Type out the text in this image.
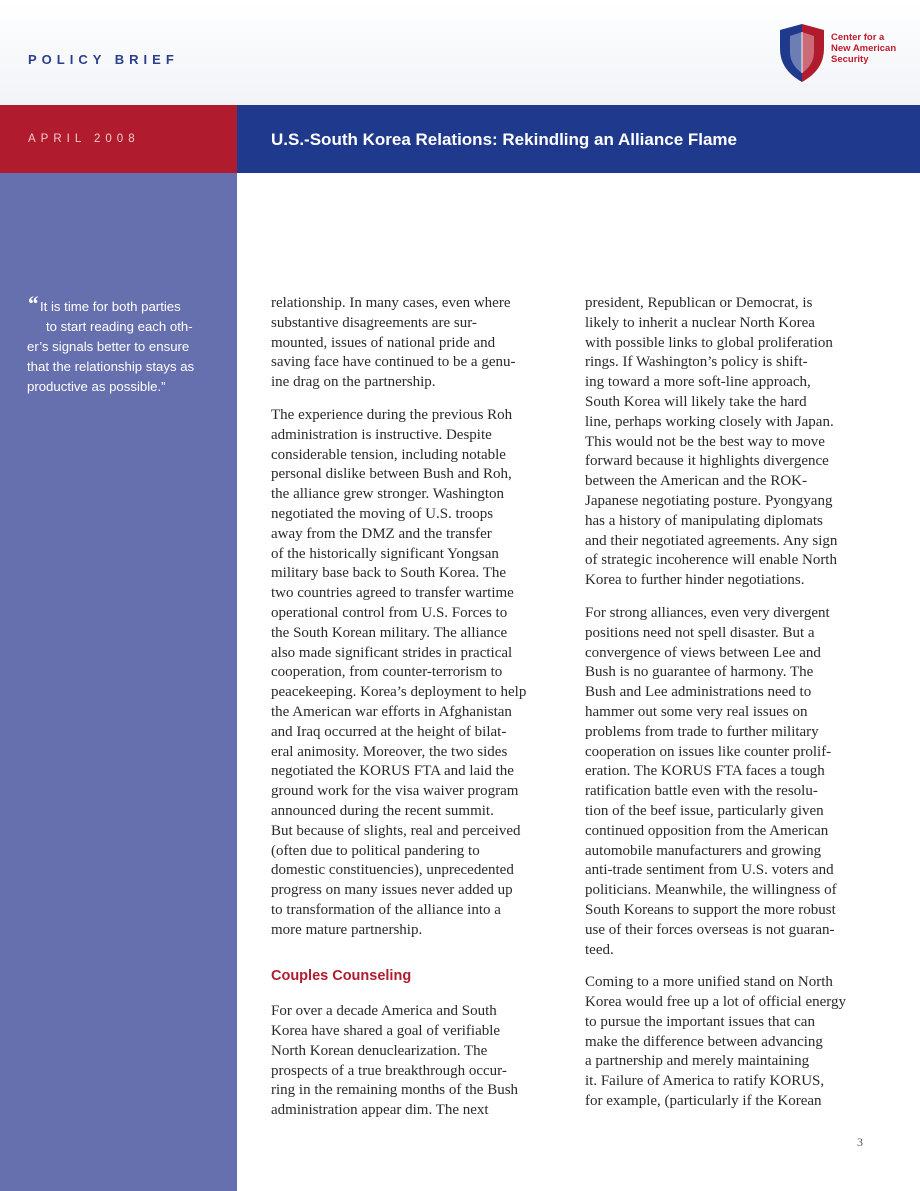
POLICY BRIEF
Center for a
New American
Security
APRIL 2008	U.S.-South Korea Relations: Rekindling an Alliance Flame
“ It is time for both parties
to start reading each oth-
er’s signals better to ensure
that the relationship stays as
productive as possible.”

relationship. In many cases, even where
substantive disagreements are sur-
mounted, issues of national pride and
saving face have continued to be a genu-
ine drag on the partnership.

The experience during the previous Roh
administration is instructive. Despite
considerable tension, including notable
personal dislike between Bush and Roh,
the alliance grew stronger. Washington
negotiated the moving of U.S. troops
away from the DMZ and the transfer
of the historically significant Yongsan
military base back to South Korea. The
two countries agreed to transfer wartime
operational control from U.S. Forces to
the South Korean military. The alliance
also made significant strides in practical
cooperation, from counter-terrorism to
peacekeeping. Korea’s deployment to help
the American war efforts in Afghanistan
and Iraq occurred at the height of bilat-
eral animosity. Moreover, the two sides
negotiated the KORUS FTA and laid the
ground work for the visa waiver program
announced during the recent summit.
But because of slights, real and perceived
(often due to political pandering to
domestic constituencies), unprecedented
progress on many issues never added up
to transformation of the alliance into a
more mature partnership.

Couples Counseling

For over a decade America and South
Korea have shared a goal of verifiable
North Korean denuclearization. The
prospects of a true breakthrough occur-
ring in the remaining months of the Bush
administration appear dim. The next

president, Republican or Democrat, is
likely to inherit a nuclear North Korea
with possible links to global proliferation
rings. If Washington’s policy is shift-
ing toward a more soft-line approach,
South Korea will likely take the hard
line, perhaps working closely with Japan.
This would not be the best way to move
forward because it highlights divergence
between the American and the ROK-
Japanese negotiating posture. Pyongyang
has a history of manipulating diplomats
and their negotiated agreements. Any sign
of strategic incoherence will enable North
Korea to further hinder negotiations.

For strong alliances, even very divergent
positions need not spell disaster. But a
convergence of views between Lee and
Bush is no guarantee of harmony. The
Bush and Lee administrations need to
hammer out some very real issues on
problems from trade to further military
cooperation on issues like counter prolif-
eration. The KORUS FTA faces a tough
ratification battle even with the resolu-
tion of the beef issue, particularly given
continued opposition from the American
automobile manufacturers and growing
anti-trade sentiment from U.S. voters and
politicians. Meanwhile, the willingness of
South Koreans to support the more robust
use of their forces overseas is not guaran-
teed.

Coming to a more unified stand on North
Korea would free up a lot of official energy
to pursue the important issues that can
make the difference between advancing
a partnership and merely maintaining
it. Failure of America to ratify KORUS,
for example, (particularly if the Korean

3
